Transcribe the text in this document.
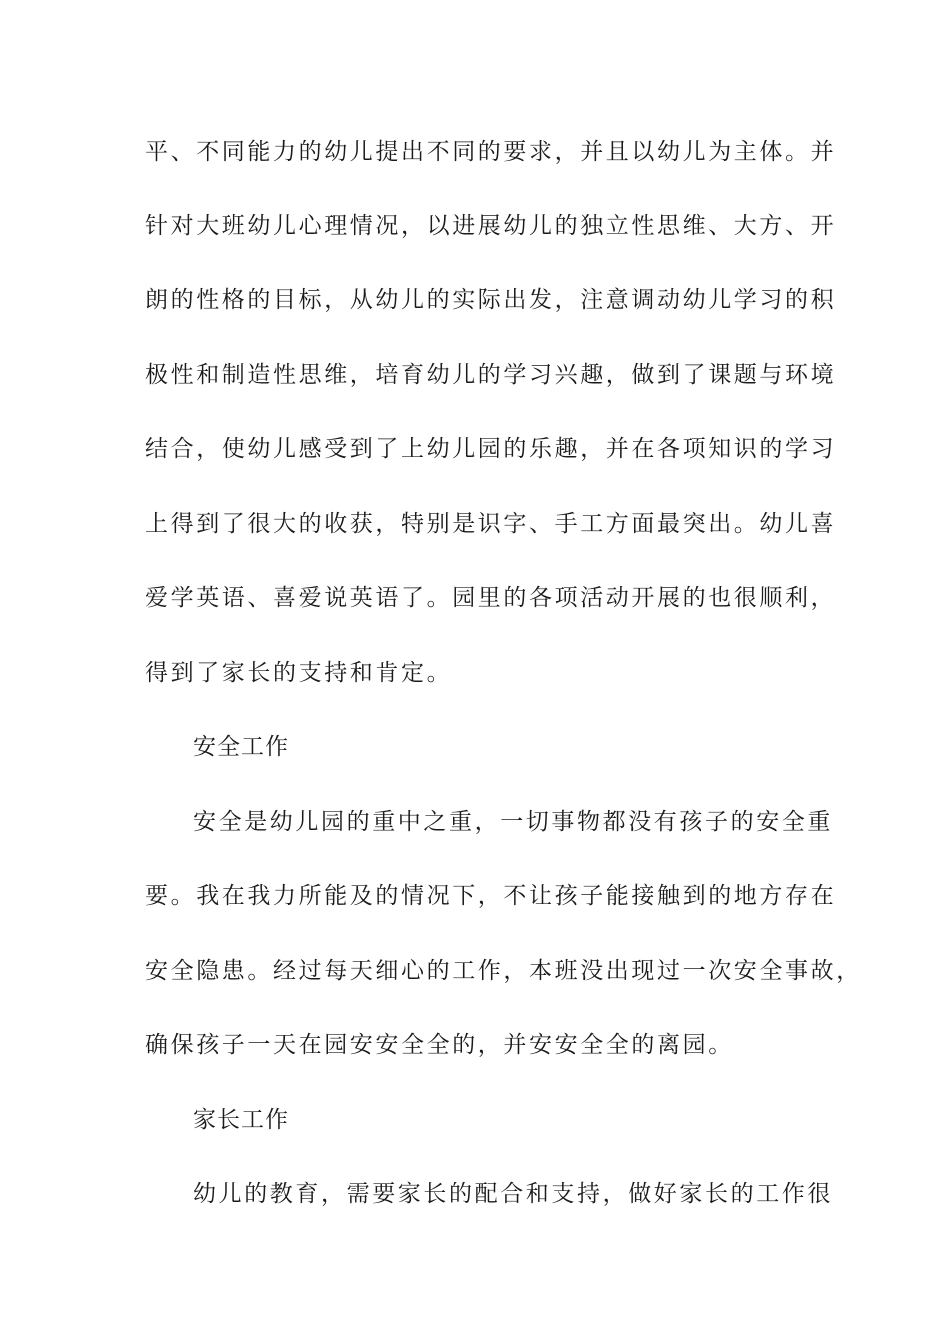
平、不同能力的幼儿提出不同的要求，并且以幼儿为主体。并
针对大班幼儿心理情况，以进展幼儿的独立性思维、大方、开
朗的性格的目标，从幼儿的实际出发，注意调动幼儿学习的积
极性和制造性思维，培育幼儿的学习兴趣，做到了课题与环境
结合，使幼儿感受到了上幼儿园的乐趣，并在各项知识的学习
上得到了很大的收获，特别是识字、手工方面最突出。幼儿喜
爱学英语、喜爱说英语了。园里的各项活动开展的也很顺利，
得到了家长的支持和肯定。
安全工作
安全是幼儿园的重中之重，一切事物都没有孩子的安全重
要。我在我力所能及的情况下，不让孩子能接触到的地方存在
安全隐患。经过每天细心的工作，本班没出现过一次安全事故，
确保孩子一天在园安安全全的，并安安全全的离园。
家长工作
幼儿的教育，需要家长的配合和支持，做好家长的工作很
